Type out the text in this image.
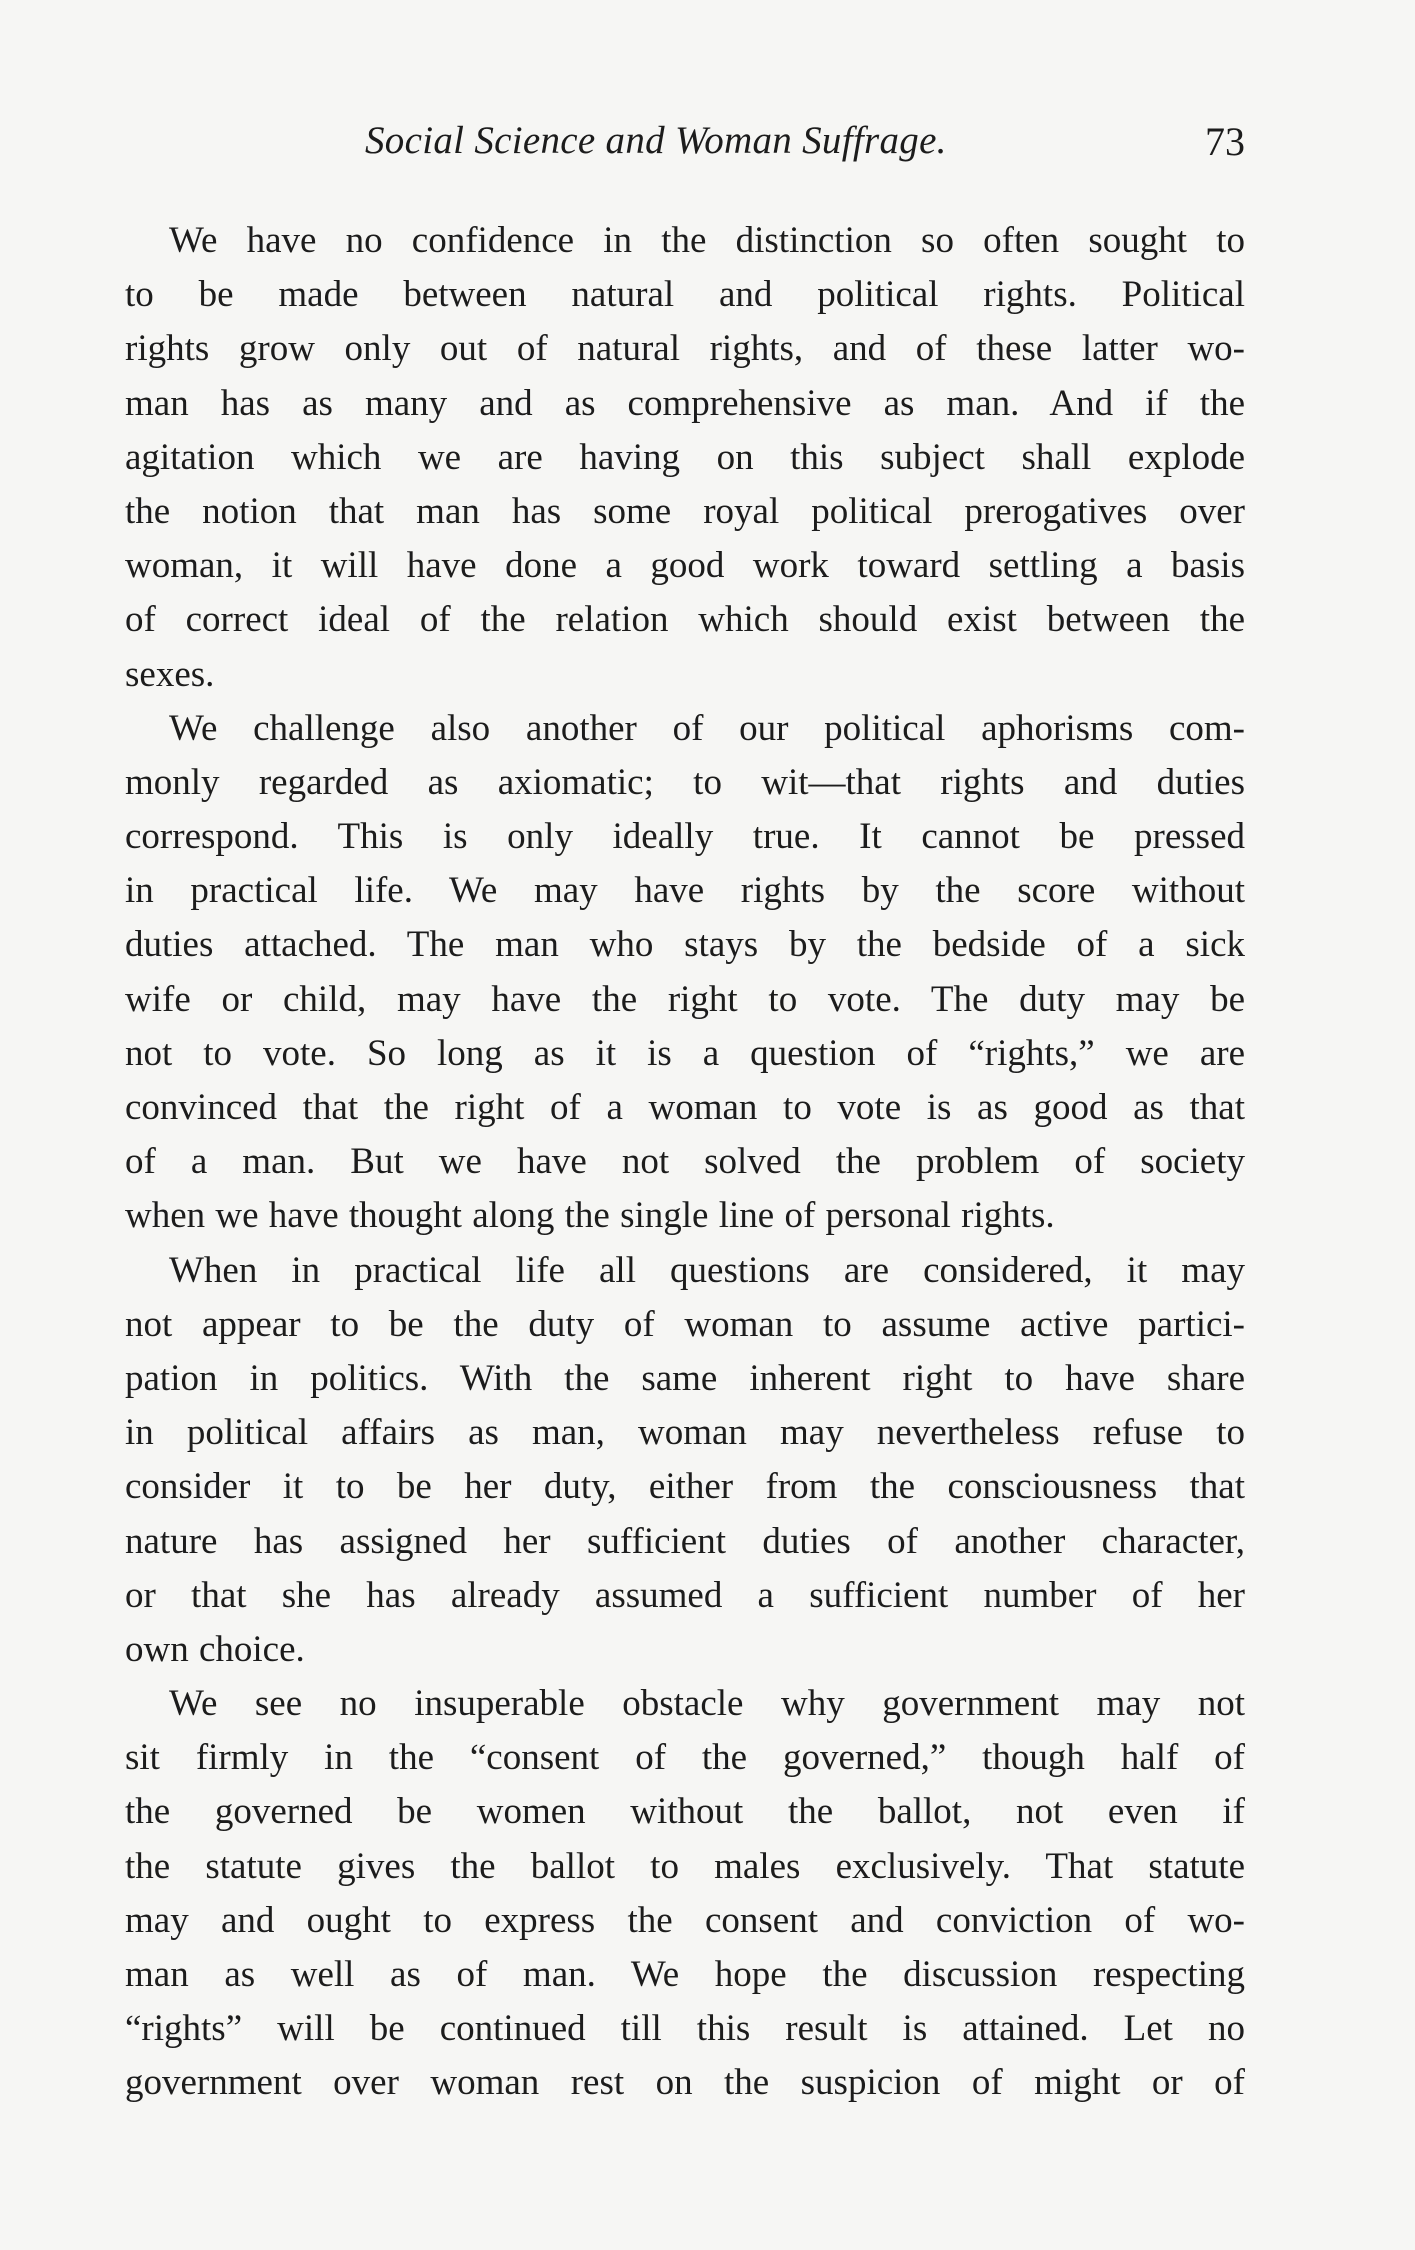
Social Science and Woman Suffrage.	73
We have no confidence in the distinction so often sought to
to be made between natural and political rights. Political
rights grow only out of natural rights, and of these latter wo-
man has as many and as comprehensive as man. And if the
agitation which we are having on this subject shall explode
the notion that man has some royal political prerogatives over
woman, it will have done a good work toward settling a basis
of correct ideal of the relation which should exist between the
sexes.
We challenge also another of our political aphorisms com-
monly regarded as axiomatic; to wit—that rights and duties
correspond. This is only ideally true. It cannot be pressed
in practical life. We may have rights by the score without
duties attached. The man who stays by the bedside of a sick
wife or child, may have the right to vote. The duty may be
not to vote. So long as it is a question of “rights,” we are
convinced that the right of a woman to vote is as good as that
of a man. But we have not solved the problem of society
when we have thought along the single line of personal rights.
When in practical life all questions are considered, it may
not appear to be the duty of woman to assume active partici-
pation in politics. With the same inherent right to have share
in political affairs as man, woman may nevertheless refuse to
consider it to be her duty, either from the consciousness that
nature has assigned her sufficient duties of another character,
or that she has already assumed a sufficient number of her
own choice.
We see no insuperable obstacle why government may not
sit firmly in the “consent of the governed,” though half of
the governed be women without the ballot, not even if
the statute gives the ballot to males exclusively. That statute
may and ought to express the consent and conviction of wo-
man as well as of man. We hope the discussion respecting
“rights” will be continued till this result is attained. Let no
government over woman rest on the suspicion of might or of
